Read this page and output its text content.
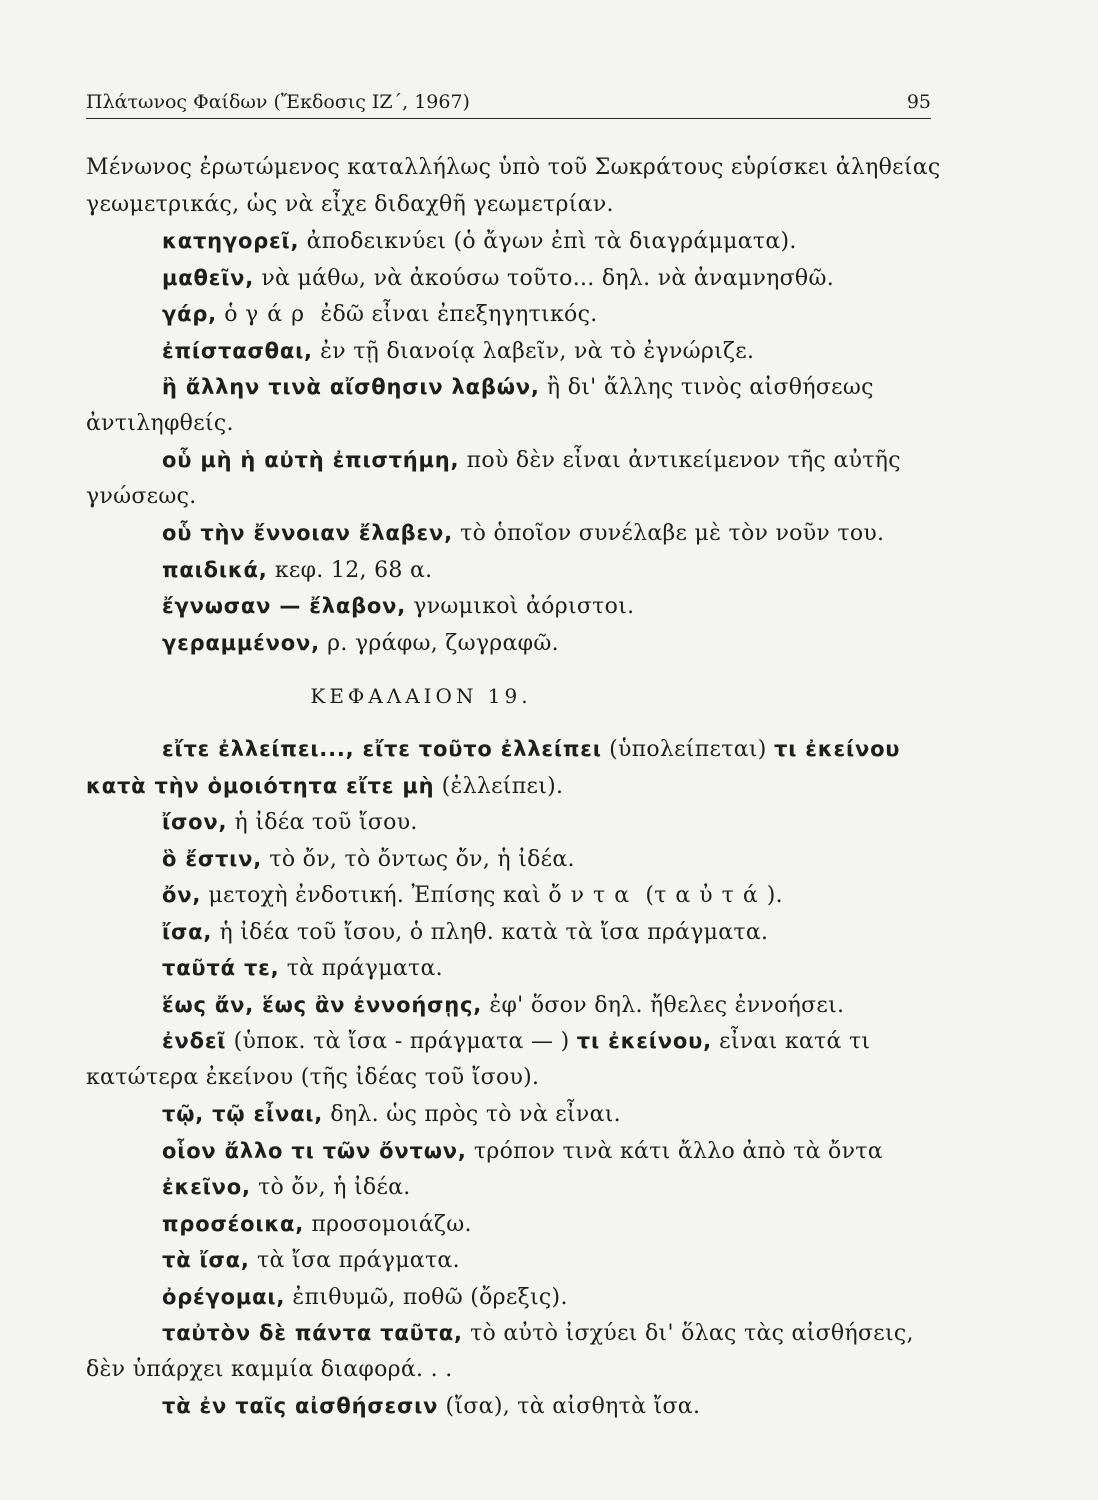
Πλάτωνος Φαίδων (Ἔκδοσις ΙΖ΄, 1967)	95
Μένωνος ἐρωτώμενος καταλλήλως ὑπὸ τοῦ Σωκράτους εὑρίσκει ἀληθείας
γεωμετρικάς, ὡς νὰ εἶχε διδαχθῆ γεωμετρίαν.
κατηγορεῖ, ἀποδεικνύει (ὁ ἄγων ἐπὶ τὰ διαγράμματα).
μαθεῖν, νὰ μάθω, νὰ ἀκούσω τοῦτο... δηλ. νὰ ἀναμνησθῶ.
γάρ, ὁ γάρ ἐδῶ εἶναι ἐπεξηγητικός.
ἐπίστασθαι, ἐν τῇ διανοίᾳ λαβεῖν, νὰ τὸ ἐγνώριζε.
ἢ ἄλλην τινὰ αἴσθησιν λαβών, ἢ δι' ἄλλης τινὸς αἰσθήσεως
ἀντιληφθείς.
οὗ μὴ ἡ αὐτὴ ἐπιστήμη, ποὺ δὲν εἶναι ἀντικείμενον τῆς αὐτῆς
γνώσεως.
οὗ τὴν ἔννοιαν ἔλαβεν, τὸ ὁποῖον συνέλαβε μὲ τὸν νοῦν του.
παιδικά, κεφ. 12, 68 α.
ἔγνωσαν — ἔλαβον, γνωμικοὶ ἀόριστοι.
γεραμμένον, ρ. γράφω, ζωγραφῶ.
ΚΕΦΑΛΑΙΟΝ 19.
εἴτε ἐλλείπει..., εἴτε τοῦτο ἐλλείπει (ὑπολείπεται) τι ἐκείνου
κατὰ τὴν ὁμοιότητα εἴτε μὴ (ἐλλείπει).
ἴσον, ἡ ἰδέα τοῦ ἴσου.
ὃ ἔστιν, τὸ ὄν, τὸ ὄντως ὄν, ἡ ἰδέα.
ὄν, μετοχὴ ἐνδοτική. Ἐπίσης καὶ ὄντα (ταὐτά).
ἴσα, ἡ ἰδέα τοῦ ἴσου, ὁ πληθ. κατὰ τὰ ἴσα πράγματα.
ταῦτά τε, τὰ πράγματα.
ἕως ἄν, ἕως ἂν ἐννοήσῃς, ἐφ' ὅσον δηλ. ἤθελες ἐννοήσει.
ἐνδεῖ (ὑποκ. τὰ ἴσα - πράγματα — ) τι ἐκείνου, εἶναι κατά τι
κατώτερα ἐκείνου (τῆς ἰδέας τοῦ ἴσου).
τῷ, τῷ εἶναι, δηλ. ὡς πρὸς τὸ νὰ εἶναι.
οἷον ἄλλο τι τῶν ὄντων, τρόπον τινὰ κάτι ἄλλο ἀπὸ τὰ ὄντα
ἐκεῖνο, τὸ ὄν, ἡ ἰδέα.
προσέοικα, προσομοιάζω.
τὰ ἴσα, τὰ ἴσα πράγματα.
ὀρέγομαι, ἐπιθυμῶ, ποθῶ (ὄρεξις).
ταὐτὸν δὲ πάντα ταῦτα, τὸ αὐτὸ ἰσχύει δι' ὅλας τὰς αἰσθήσεις,
δὲν ὑπάρχει καμμία διαφορά. . .
τὰ ἐν ταῖς αἰσθήσεσιν (ἴσα), τὰ αἰσθητὰ ἴσα.
